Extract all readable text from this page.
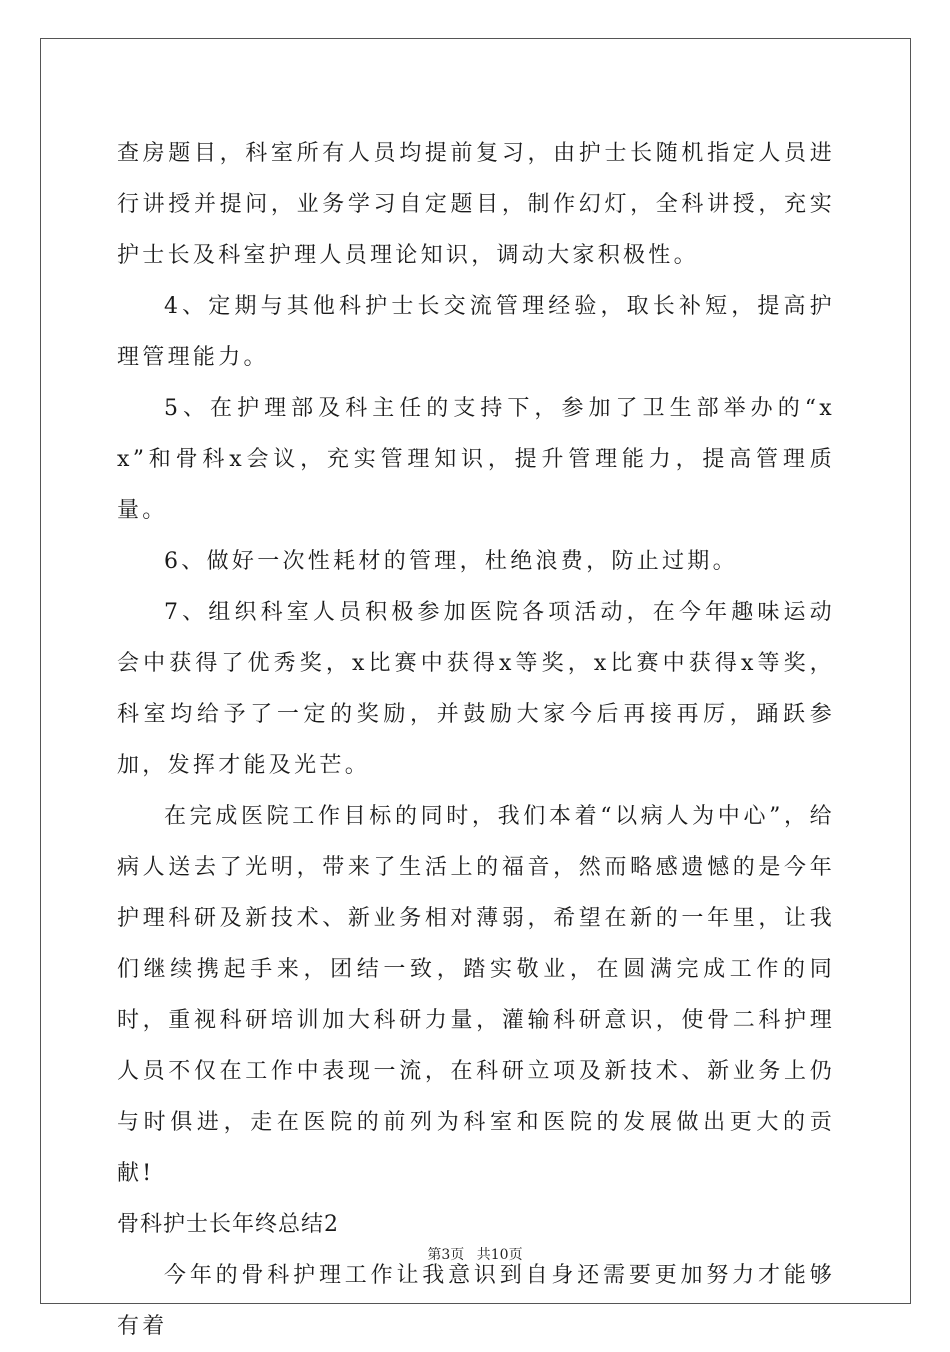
查房题目，科室所有人员均提前复习，由护士长随机指定人员进行讲授并提问，业务学习自定题目，制作幻灯，全科讲授，充实护士长及科室护理人员理论知识，调动大家积极性。

4、定期与其他科护士长交流管理经验，取长补短，提高护理管理能力。

5、在护理部及科主任的支持下，参加了卫生部举办的“xx”和骨科x会议，充实管理知识，提升管理能力，提高管理质量。

6、做好一次性耗材的管理，杜绝浪费，防止过期。

7、组织科室人员积极参加医院各项活动，在今年趣味运动会中获得了优秀奖，x比赛中获得x等奖，x比赛中获得x等奖，科室均给予了一定的奖励，并鼓励大家今后再接再厉，踊跃参加，发挥才能及光芒。

在完成医院工作目标的同时，我们本着“以病人为中心”，给病人送去了光明，带来了生活上的福音，然而略感遗憾的是今年护理科研及新技术、新业务相对薄弱，希望在新的一年里，让我们继续携起手来，团结一致，踏实敬业，在圆满完成工作的同时，重视科研培训加大科研力量，灌输科研意识，使骨二科护理人员不仅在工作中表现一流，在科研立项及新技术、新业务上仍与时俱进，走在医院的前列为科室和医院的发展做出更大的贡献!

骨科护士长年终总结2

今年的骨科护理工作让我意识到自身还需要更加努力才能够有着

第3页 共10页
